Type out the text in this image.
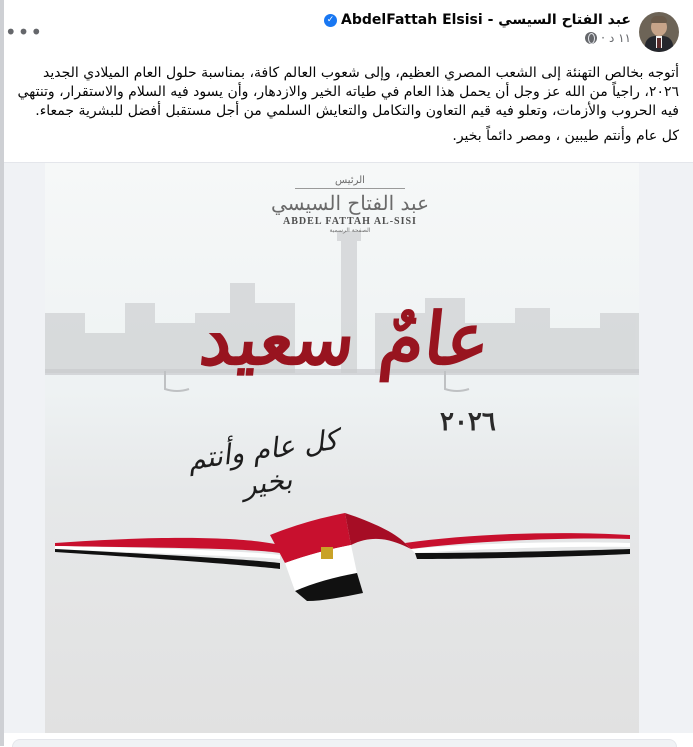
•••	AbdelFattah Elsisi - عبد الفتاح السيسي
✓
١١ د
·

أتوجه بخالص التهنئة إلى الشعب المصري العظيم، وإلى شعوب العالم كافة، بمناسبة حلول العام الميلادي الجديد ٢٠٢٦، راجياً من الله عز وجل أن يحمل هذا العام في طياته الخير والازدهار، وأن يسود فيه السلام والاستقرار، وتنتهي فيه الحروب والأزمات، وتعلو فيه قيم التعاون والتكامل والتعايش السلمي من أجل مستقبل أفضل للبشرية جمعاء.

كل عام وأنتم طيبين ، ومصر دائماً بخير.

الرئيس
عبد الفتاح السيسي
ABDEL FATTAH AL-SISI
الصفحة الرسمية
عامٌ سعيد
٢٠٢٦
كل عام وأنتم بخير
